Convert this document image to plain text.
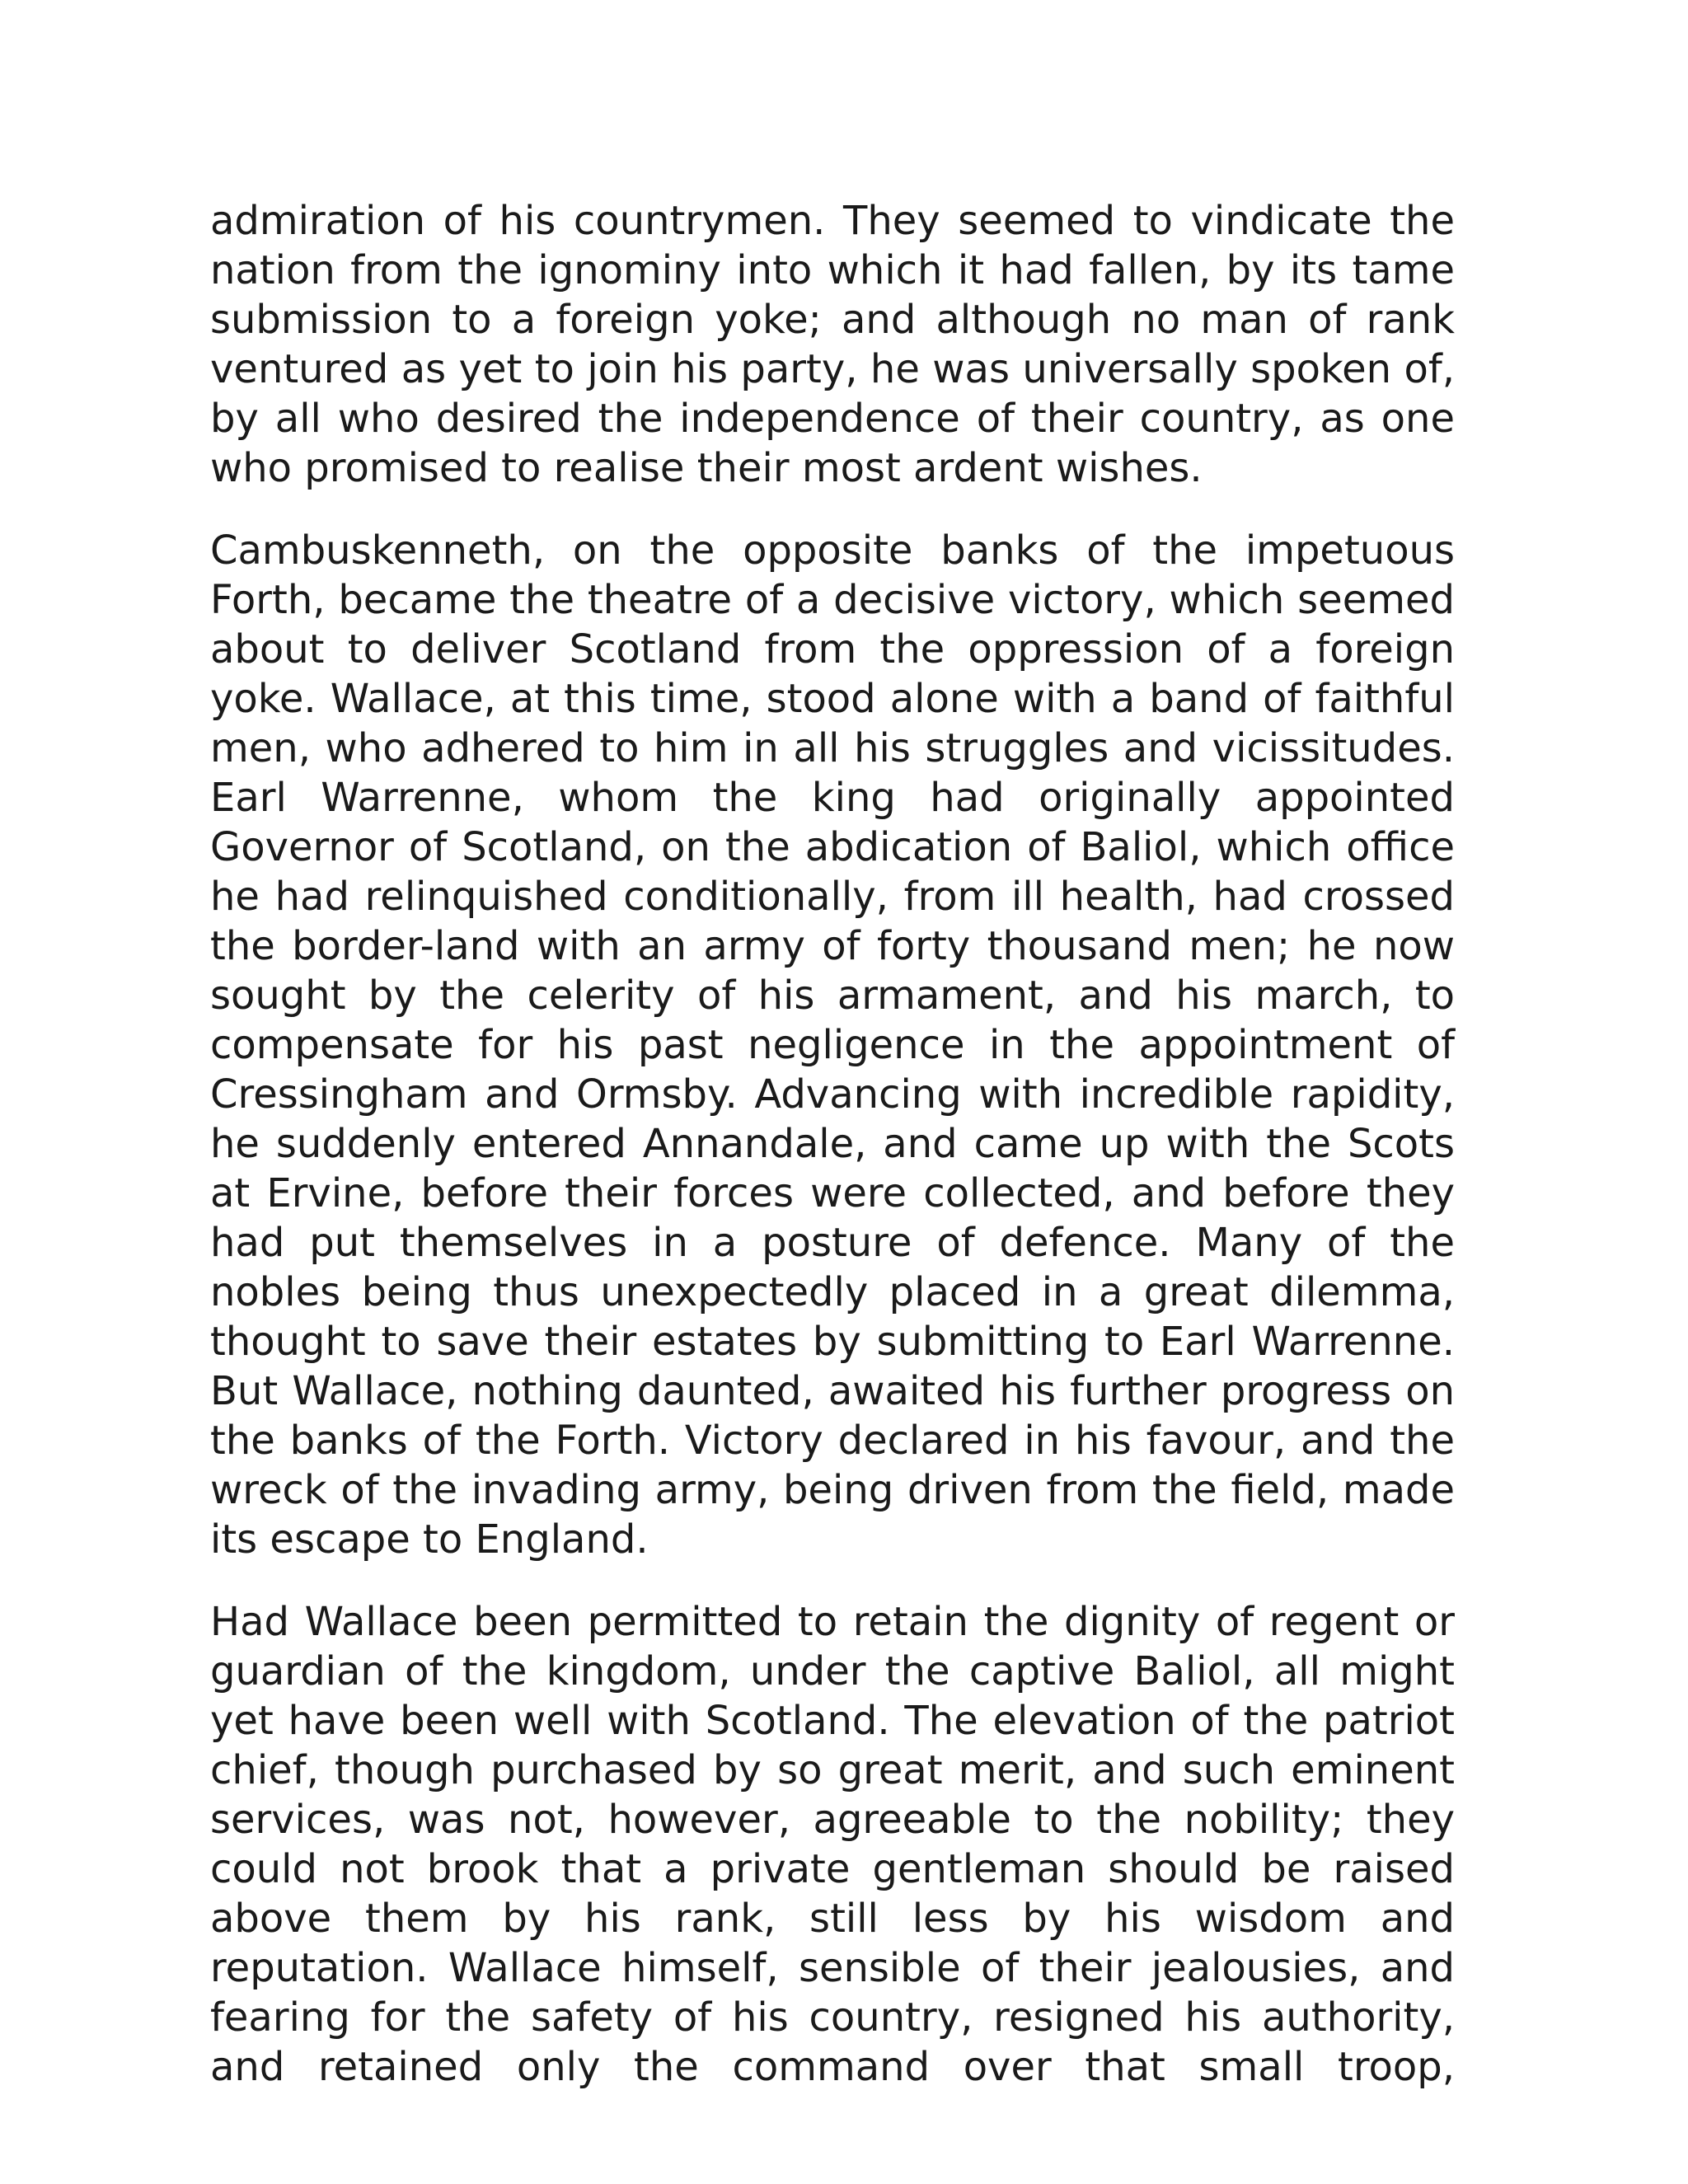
admiration of his countrymen. They seemed to vindicate the nation from the ignominy into which it had fallen, by its tame submission to a foreign yoke; and although no man of rank ventured as yet to join his party, he was universally spoken of, by all who desired the independence of their country, as one who promised to realise their most ardent wishes.

Cambuskenneth, on the opposite banks of the impetuous Forth, became the theatre of a decisive victory, which seemed about to deliver Scotland from the oppression of a foreign yoke. Wallace, at this time, stood alone with a band of faithful men, who adhered to him in all his struggles and vicissitudes. Earl Warrenne, whom the king had originally appointed Governor of Scotland, on the abdication of Baliol, which office he had relinquished conditionally, from ill health, had crossed the border-land with an army of forty thousand men; he now sought by the celerity of his armament, and his march, to compensate for his past negligence in the appointment of Cressingham and Ormsby. Advancing with incredible rapidity, he suddenly entered Annandale, and came up with the Scots at Ervine, before their forces were collected, and before they had put themselves in a posture of defence. Many of the nobles being thus unexpectedly placed in a great dilemma, thought to save their estates by submitting to Earl Warrenne. But Wallace, nothing daunted, awaited his further progress on the banks of the Forth. Victory declared in his favour, and the wreck of the invading army, being driven from the field, made its escape to England.

Had Wallace been permitted to retain the dignity of regent or guardian of the kingdom, under the captive Baliol, all might yet have been well with Scotland. The elevation of the patriot chief, though purchased by so great merit, and such eminent services, was not, however, agreeable to the nobility; they could not brook that a private gentleman should be raised above them by his rank, still less by his wisdom and reputation. Wallace himself, sensible of their jealousies, and fearing for the safety of his country, resigned his authority, and retained only the command over that small troop,
